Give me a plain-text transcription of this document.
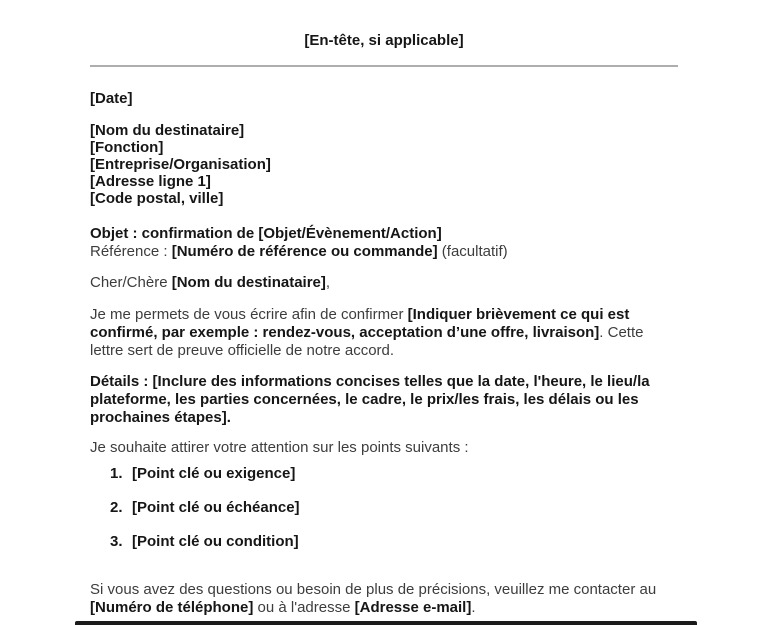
[En-tête, si applicable]
[Date]
[Nom du destinataire]
[Fonction]
[Entreprise/Organisation]
[Adresse ligne 1]
[Code postal, ville]
Objet : confirmation de [Objet/Évènement/Action]
Référence : [Numéro de référence ou commande] (facultatif)
Cher/Chère [Nom du destinataire],
Je me permets de vous écrire afin de confirmer [Indiquer brièvement ce qui est confirmé, par exemple : rendez-vous, acceptation d’une offre, livraison]. Cette lettre sert de preuve officielle de notre accord.
Détails : [Inclure des informations concises telles que la date, l'heure, le lieu/la plateforme, les parties concernées, le cadre, le prix/les frais, les délais ou les prochaines étapes].
Je souhaite attirer votre attention sur les points suivants :
1. [Point clé ou exigence]
2. [Point clé ou échéance]
3. [Point clé ou condition]
Si vous avez des questions ou besoin de plus de précisions, veuillez me contacter au [Numéro de téléphone] ou à l'adresse [Adresse e-mail].
